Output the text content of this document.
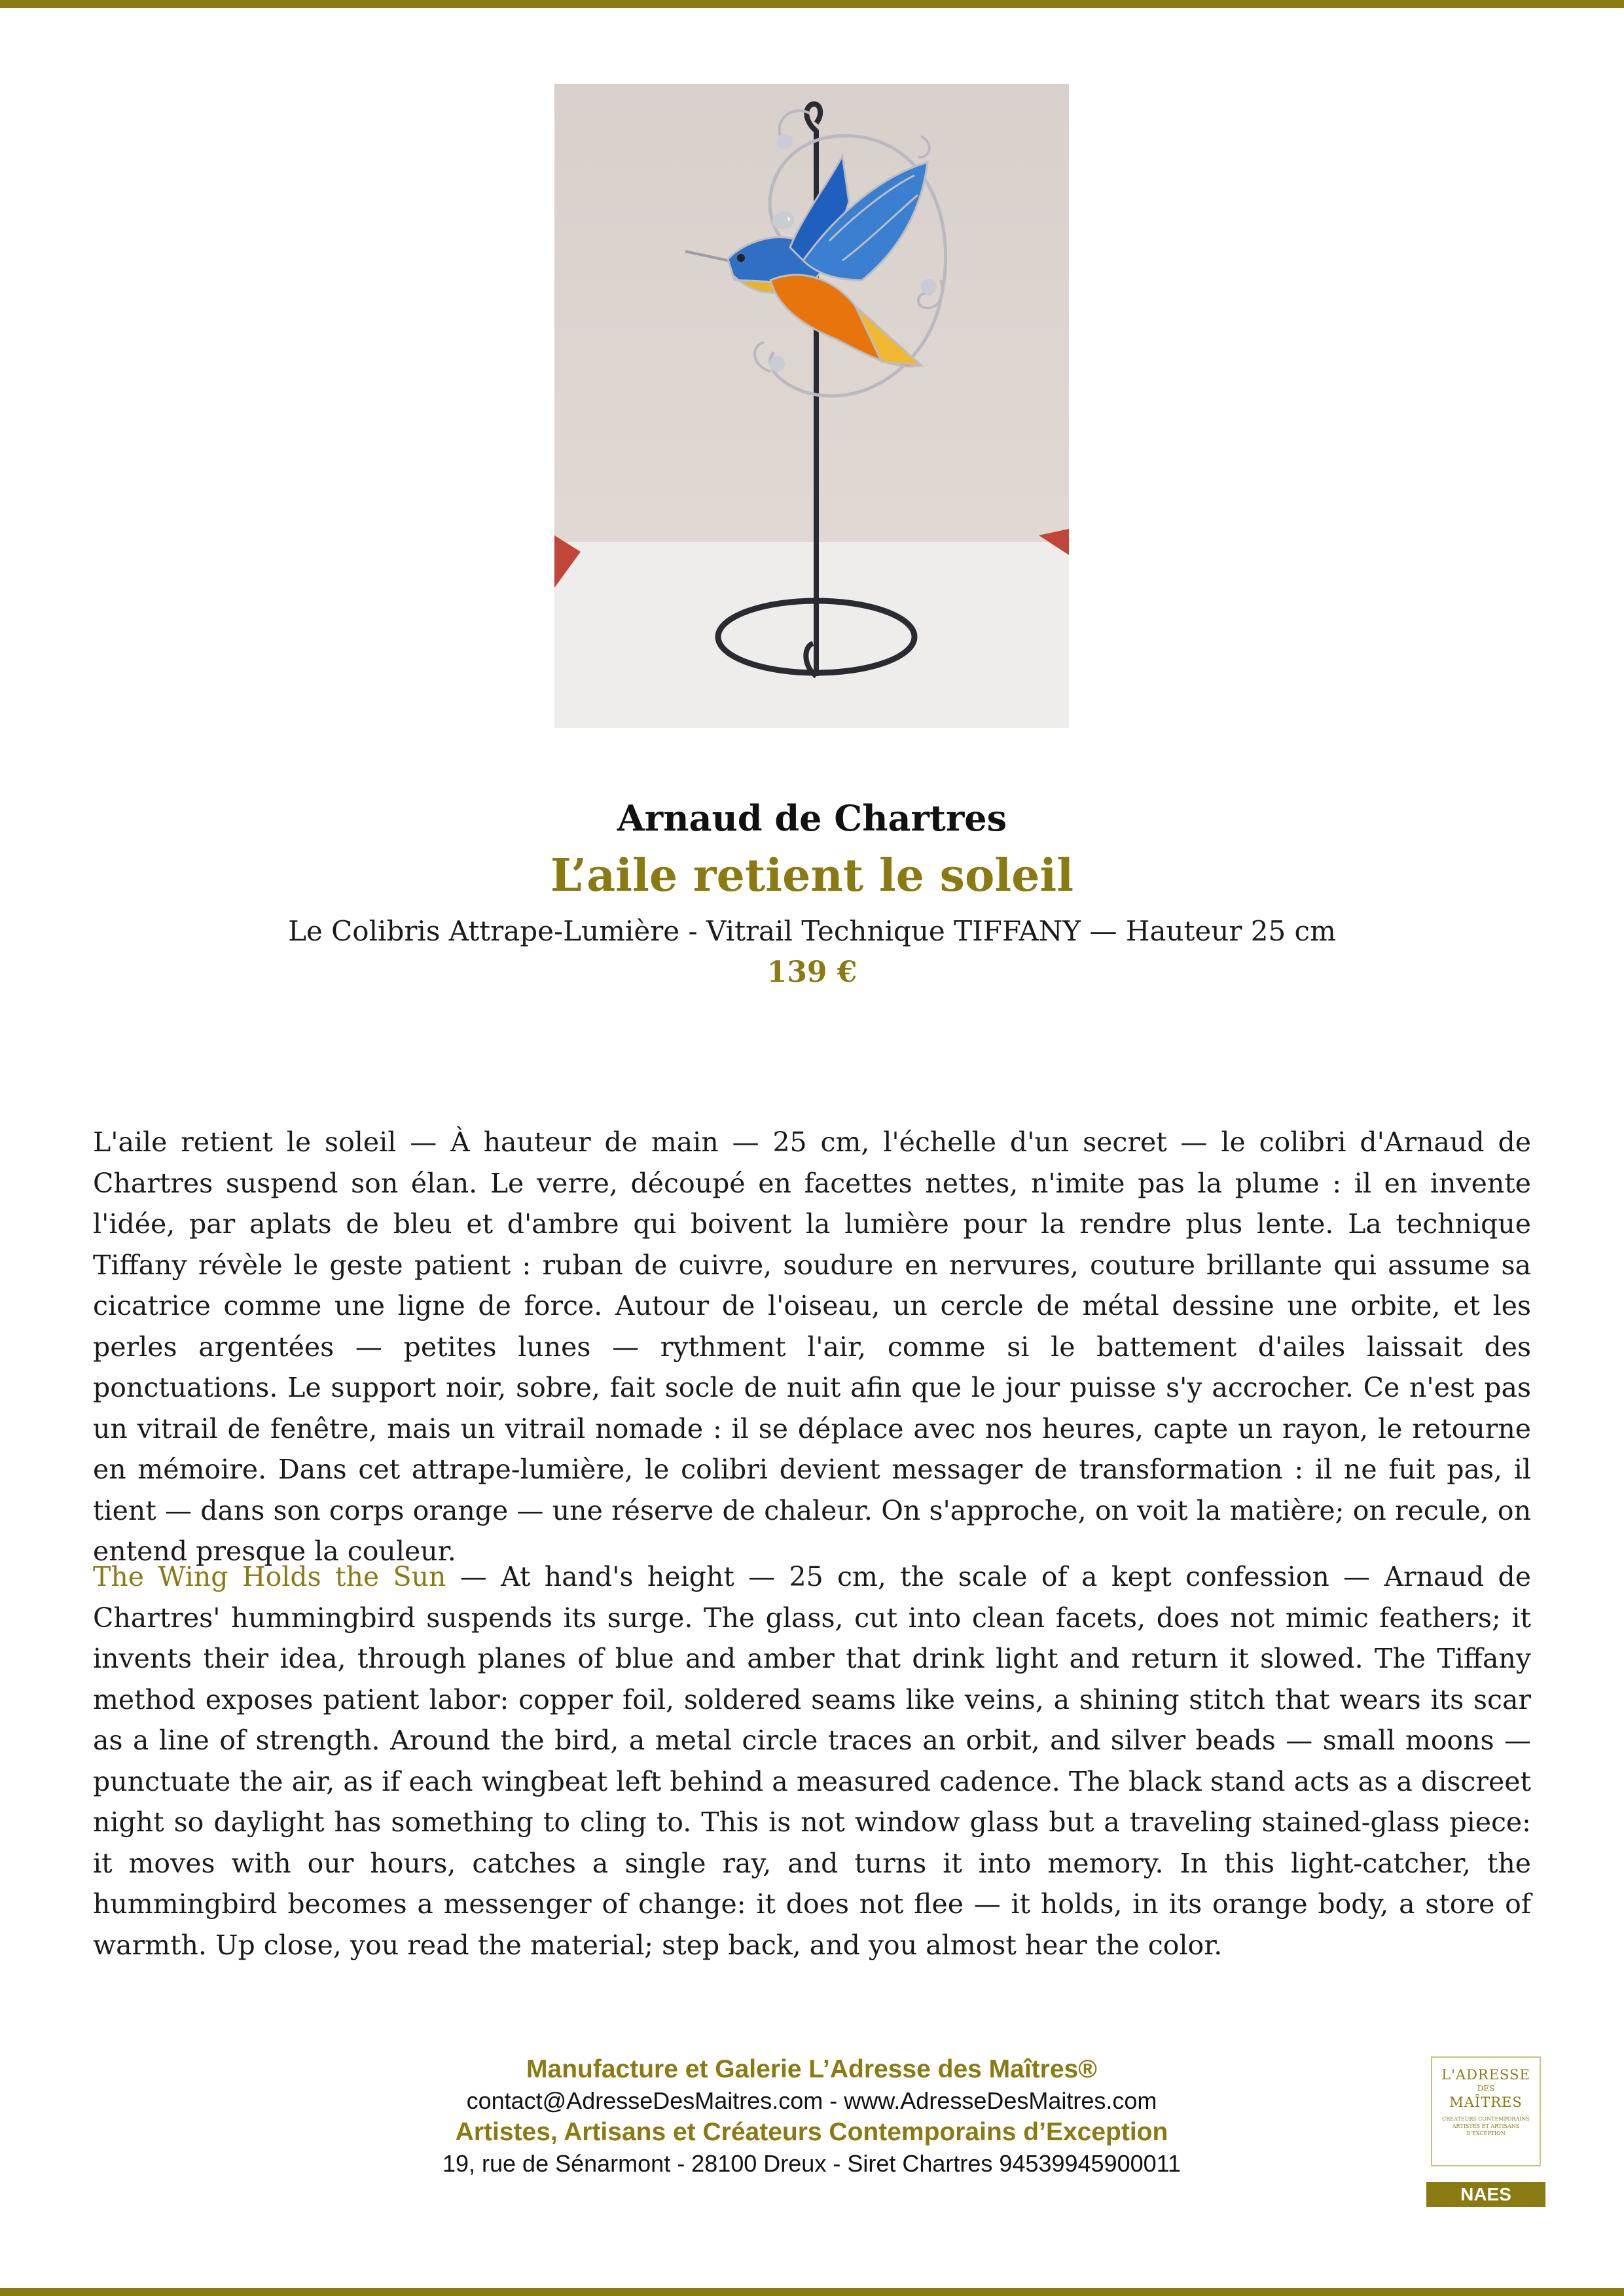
Arnaud de Chartres
L’aile retient le soleil
Le Colibris Attrape-Lumière - Vitrail Technique TIFFANY — Hauteur 25 cm
139 €

L'aile retient le soleil — À hauteur de main — 25 cm, l'échelle d'un secret — le colibri d'Arnaud de Chartres suspend son élan. Le verre, découpé en facettes nettes, n'imite pas la plume : il en invente l'idée, par aplats de bleu et d'ambre qui boivent la lumière pour la rendre plus lente. La technique Tiffany révèle le geste patient : ruban de cuivre, soudure en nervures, couture brillante qui assume sa cicatrice comme une ligne de force. Autour de l'oiseau, un cercle de métal dessine une orbite, et les perles argentées — petites lunes — rythment l'air, comme si le battement d'ailes laissait des ponctuations. Le support noir, sobre, fait socle de nuit afin que le jour puisse s'y accrocher. Ce n'est pas un vitrail de fenêtre, mais un vitrail nomade : il se déplace avec nos heures, capte un rayon, le retourne en mémoire. Dans cet attrape-lumière, le colibri devient messager de transformation : il ne fuit pas, il tient — dans son corps orange — une réserve de chaleur. On s'approche, on voit la matière; on recule, on entend presque la couleur.

The Wing Holds the Sun — At hand's height — 25 cm, the scale of a kept confession — Arnaud de Chartres' hummingbird suspends its surge. The glass, cut into clean facets, does not mimic feathers; it invents their idea, through planes of blue and amber that drink light and return it slowed. The Tiffany method exposes patient labor: copper foil, soldered seams like veins, a shining stitch that wears its scar as a line of strength. Around the bird, a metal circle traces an orbit, and silver beads — small moons — punctuate the air, as if each wingbeat left behind a measured cadence. The black stand acts as a discreet night so daylight has something to cling to. This is not window glass but a traveling stained-glass piece: it moves with our hours, catches a single ray, and turns it into memory. In this light-catcher, the hummingbird becomes a messenger of change: it does not flee — it holds, in its orange body, a store of warmth. Up close, you read the material; step back, and you almost hear the color.

Manufacture et Galerie L’Adresse des Maîtres®
contact@AdresseDesMaitres.com - www.AdresseDesMaitres.com
Artistes, Artisans et Créateurs Contemporains d’Exception
19, rue de Sénarmont - 28100 Dreux - Siret Chartres 94539945900011
L'ADRESSE
DES
MAÎTRES
CRÉATEURS CONTEMPORAINS ARTISTES ET ARTISANS D'EXCEPTION
NAES
